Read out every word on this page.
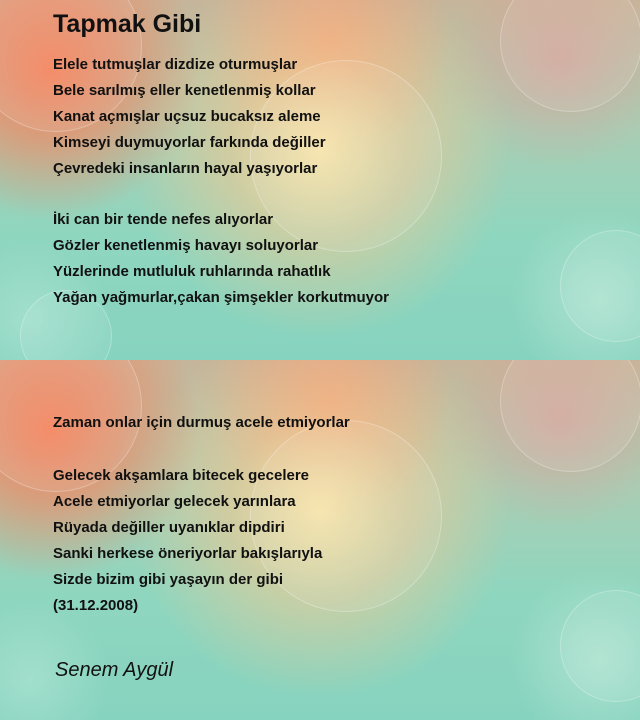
Tapmak Gibi
Elele tutmuşlar dizdize oturmuşlar
Bele sarılmış eller kenetlenmiş kollar
Kanat açmışlar uçsuz bucaksız aleme
Kimseyi duymuyorlar farkında değiller
Çevredeki insanların hayal yaşıyorlar
İki can bir tende nefes alıyorlar
Gözler kenetlenmiş havayı soluyorlar
Yüzlerinde mutluluk ruhlarında rahatlık
Yağan yağmurlar,çakan şimşekler korkutmuyor
Zaman onlar için durmuş acele etmiyorlar
Gelecek akşamlara bitecek gecelere
Acele etmiyorlar gelecek yarınlara
Rüyada değiller uyanıklar dipdiri
Sanki herkese öneriyorlar bakışlarıyla
Sizde bizim gibi yaşayın der gibi
(31.12.2008)
Senem Aygül
